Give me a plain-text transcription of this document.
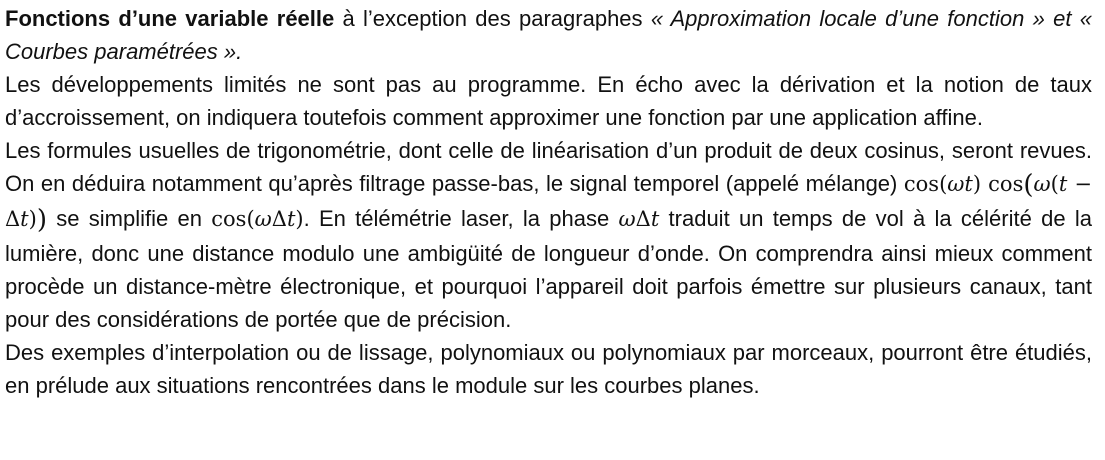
Fonctions d’une variable réelle à l’exception des paragraphes « Approximation locale d’une fonction » et « Courbes paramétrées ».

Les développements limités ne sont pas au programme. En écho avec la dérivation et la notion de taux d’accroissement, on indiquera toutefois comment approximer une fonction par une application affine.

Les formules usuelles de trigonométrie, dont celle de linéarisation d’un produit de deux cosinus, seront revues. On en déduira notamment qu’après filtrage passe-bas, le signal temporel (appelé mélange) cos(ωt) cos(ω(t − Δt)) se simplifie en cos(ωΔt). En télémétrie laser, la phase ωΔt traduit un temps de vol à la célérité de la lumière, donc une distance modulo une ambigüité de longueur d’onde. On comprendra ainsi mieux comment procède un distance-mètre électronique, et pourquoi l’appareil doit parfois émettre sur plusieurs canaux, tant pour des considérations de portée que de précision.

Des exemples d’interpolation ou de lissage, polynomiaux ou polynomiaux par morceaux, pourront être étudiés, en prélude aux situations rencontrées dans le module sur les courbes planes.
